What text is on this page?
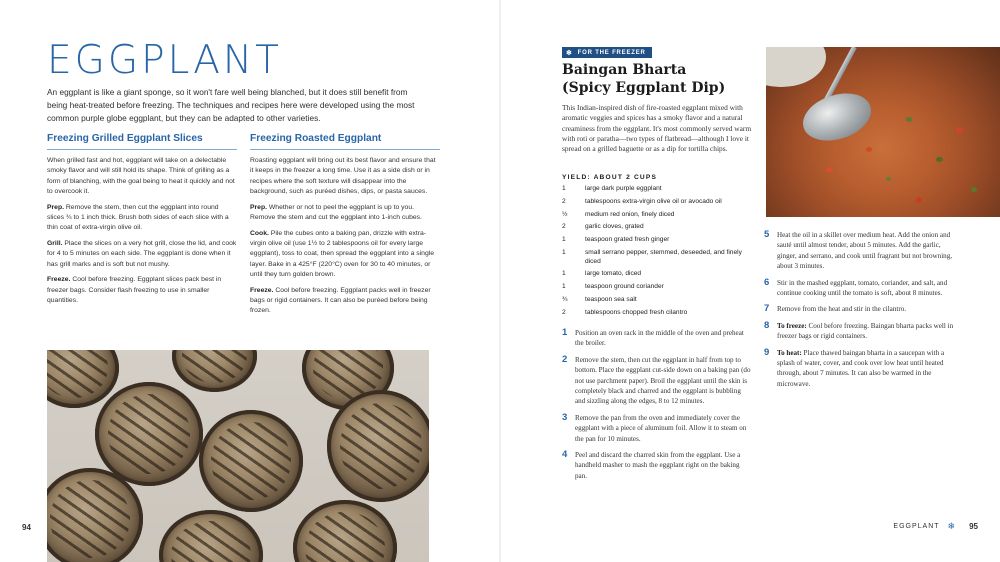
EGGPLANT

An eggplant is like a giant sponge, so it won't fare well being blanched, but it does still benefit from being heat-treated before freezing. The techniques and recipes here were developed using the most common purple globe eggplant, but they can be adapted to other varieties.

Freezing Grilled Eggplant Slices

When grilled fast and hot, eggplant will take on a delectable smoky flavor and will still hold its shape. Think of grilling as a form of blanching, with the goal being to heat it quickly and not to overcook it.

Prep. Remove the stem, then cut the eggplant into round slices ¾ to 1 inch thick. Brush both sides of each slice with a thin coat of extra-virgin olive oil.

Grill. Place the slices on a very hot grill, close the lid, and cook for 4 to 5 minutes on each side. The eggplant is done when it has grill marks and is soft but not mushy.

Freeze. Cool before freezing. Eggplant slices pack best in freezer bags. Consider flash freezing to use in smaller quantities.

Freezing Roasted Eggplant

Roasting eggplant will bring out its best flavor and ensure that it keeps in the freezer a long time. Use it as a side dish or in recipes where the soft texture will disappear into the background, such as puréed dishes, dips, or pasta sauces.

Prep. Whether or not to peel the eggplant is up to you. Remove the stem and cut the eggplant into 1-inch cubes.

Cook. Pile the cubes onto a baking pan, drizzle with extra-virgin olive oil (use 1½ to 2 tablespoons oil for every large eggplant), toss to coat, then spread the eggplant into a single layer. Bake in a 425°F (220°C) oven for 30 to 40 minutes, or until they turn golden brown.

Freeze. Cool before freezing. Eggplant packs well in freezer bags or rigid containers. It can also be puréed before being frozen.

94
❄ FOR THE FREEZER
Baingan Bharta
(Spicy Eggplant Dip)

This Indian-inspired dish of fire-roasted eggplant mixed with aromatic veggies and spices has a smoky flavor and a natural creaminess from the eggplant. It's most commonly served warm with roti or paratha—two types of flatbread—although I love it spread on a grilled baguette or as a dip for tortilla chips.

YIELD: ABOUT 2 CUPS
1	large dark purple eggplant
2	tablespoons extra-virgin olive oil or avocado oil
½	medium red onion, finely diced
2	garlic cloves, grated
1	teaspoon grated fresh ginger
1	small serrano pepper, stemmed, deseeded, and finely diced
1	large tomato, diced
1	teaspoon ground coriander
¾	teaspoon sea salt
2	tablespoons chopped fresh cilantro
1	Position an oven rack in the middle of the oven and preheat the broiler.
2	Remove the stem, then cut the eggplant in half from top to bottom. Place the eggplant cut-side down on a baking pan (do not use parchment paper). Broil the eggplant until the skin is completely black and charred and the eggplant is bubbling and sizzling along the edges, 8 to 12 minutes.
3	Remove the pan from the oven and immediately cover the eggplant with a piece of aluminum foil. Allow it to steam on the pan for 10 minutes.
4	Peel and discard the charred skin from the eggplant. Use a handheld masher to mash the eggplant right on the baking pan.
5	Heat the oil in a skillet over medium heat. Add the onion and sauté until almost tender, about 5 minutes. Add the garlic, ginger, and serrano, and cook until fragrant but not browning, about 3 minutes.
6	Stir in the mashed eggplant, tomato, coriander, and salt, and continue cooking until the tomato is soft, about 8 minutes.
7	Remove from the heat and stir in the cilantro.
8	To freeze: Cool before freezing. Baingan bharta packs well in freezer bags or rigid containers.
9	To heat: Place thawed baingan bharta in a saucepan with a splash of water, cover, and cook over low heat until heated through, about 7 minutes. It can also be warmed in the microwave.
EGGPLANT ❄ 95
